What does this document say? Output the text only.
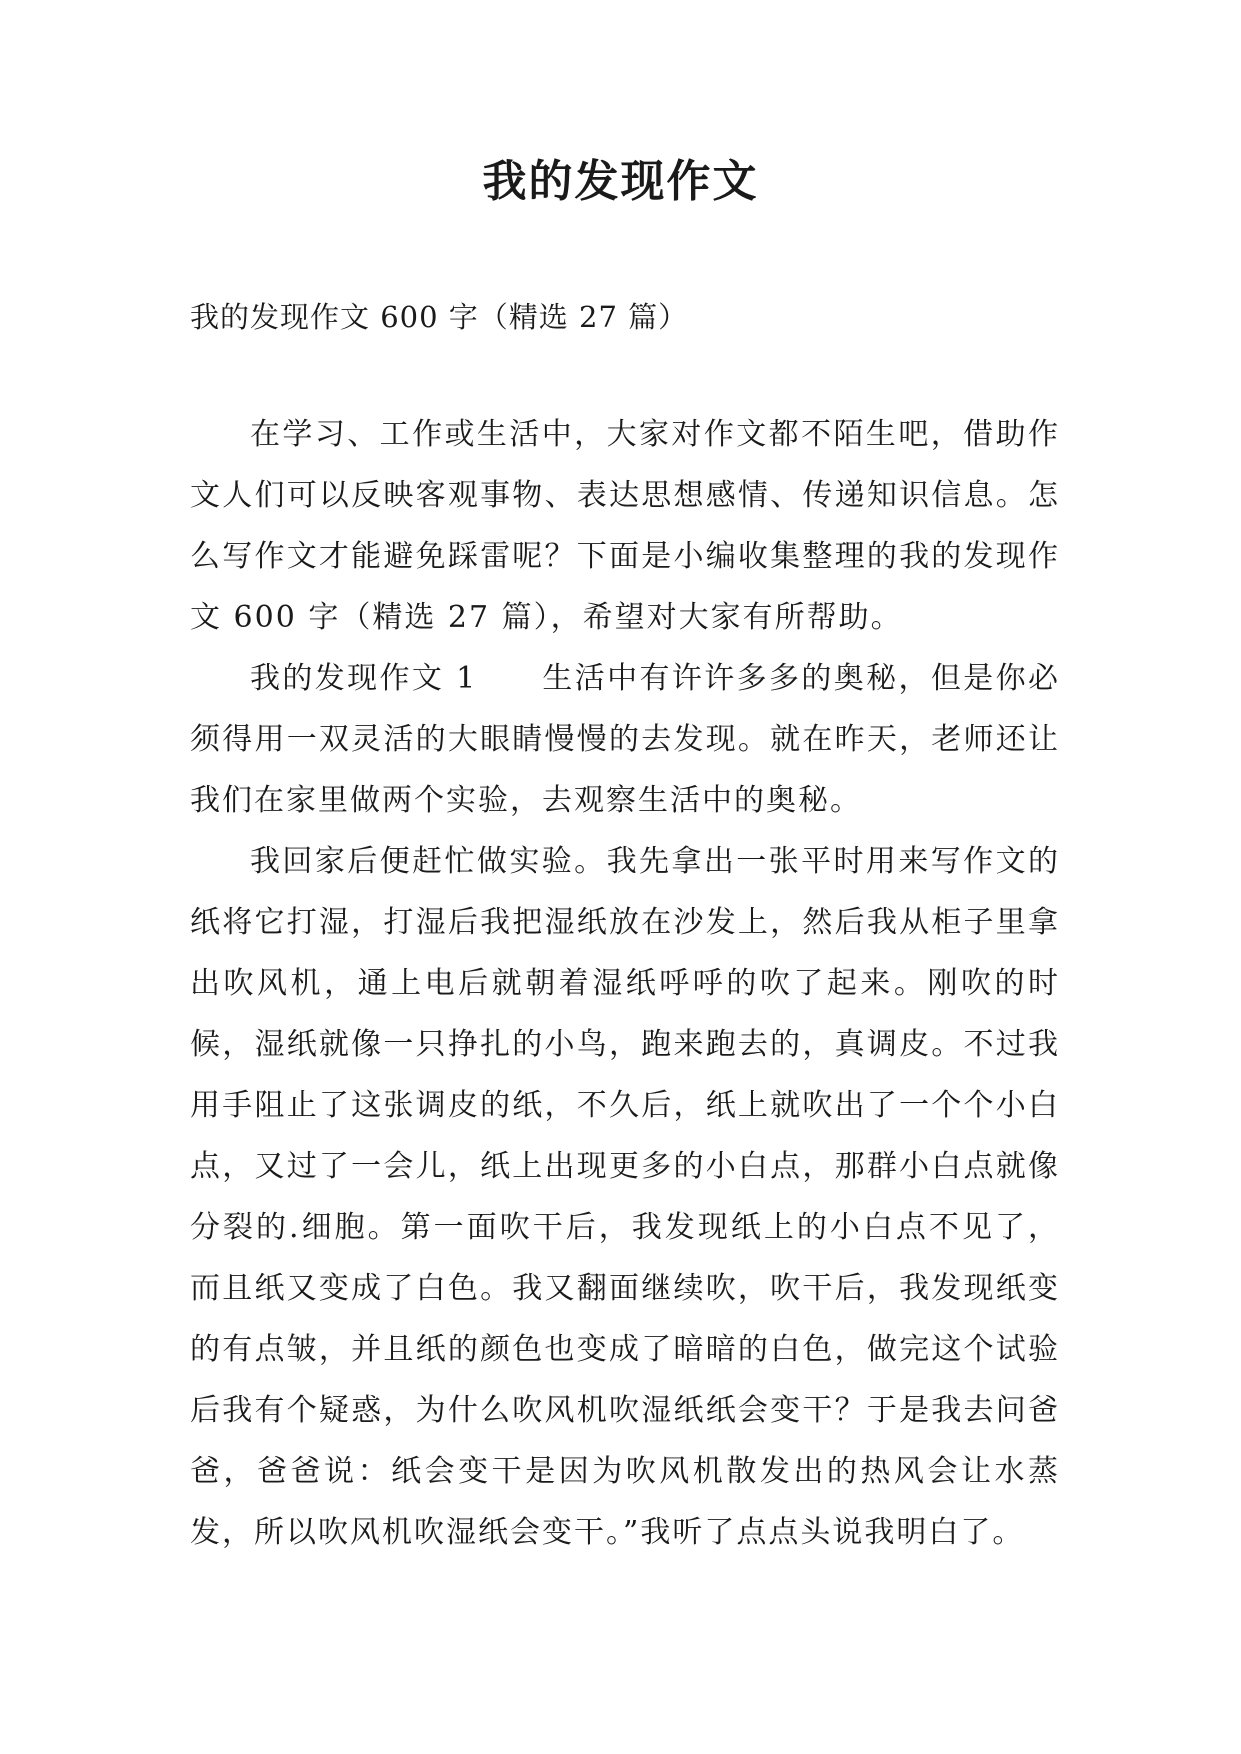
我的发现作文

我的发现作文 600 字（精选 27 篇）

在学习、工作或生活中，大家对作文都不陌生吧，借助作文人们可以反映客观事物、表达思想感情、传递知识信息。怎么写作文才能避免踩雷呢？下面是小编收集整理的我的发现作文 600 字（精选 27 篇），希望对大家有所帮助。

我的发现作文 1　　生活中有许许多多的奥秘，但是你必须得用一双灵活的大眼睛慢慢的去发现。就在昨天，老师还让我们在家里做两个实验，去观察生活中的奥秘。

我回家后便赶忙做实验。我先拿出一张平时用来写作文的纸将它打湿，打湿后我把湿纸放在沙发上，然后我从柜子里拿出吹风机，通上电后就朝着湿纸呼呼的吹了起来。刚吹的时候，湿纸就像一只挣扎的小鸟，跑来跑去的，真调皮。不过我用手阻止了这张调皮的纸，不久后，纸上就吹出了一个个小白点，又过了一会儿，纸上出现更多的小白点，那群小白点就像分裂的.细胞。第一面吹干后，我发现纸上的小白点不见了，而且纸又变成了白色。我又翻面继续吹，吹干后，我发现纸变的有点皱，并且纸的颜色也变成了暗暗的白色，做完这个试验后我有个疑惑，为什么吹风机吹湿纸纸会变干？于是我去问爸爸，爸爸说：纸会变干是因为吹风机散发出的热风会让水蒸发，所以吹风机吹湿纸会变干。”我听了点点头说我明白了。
